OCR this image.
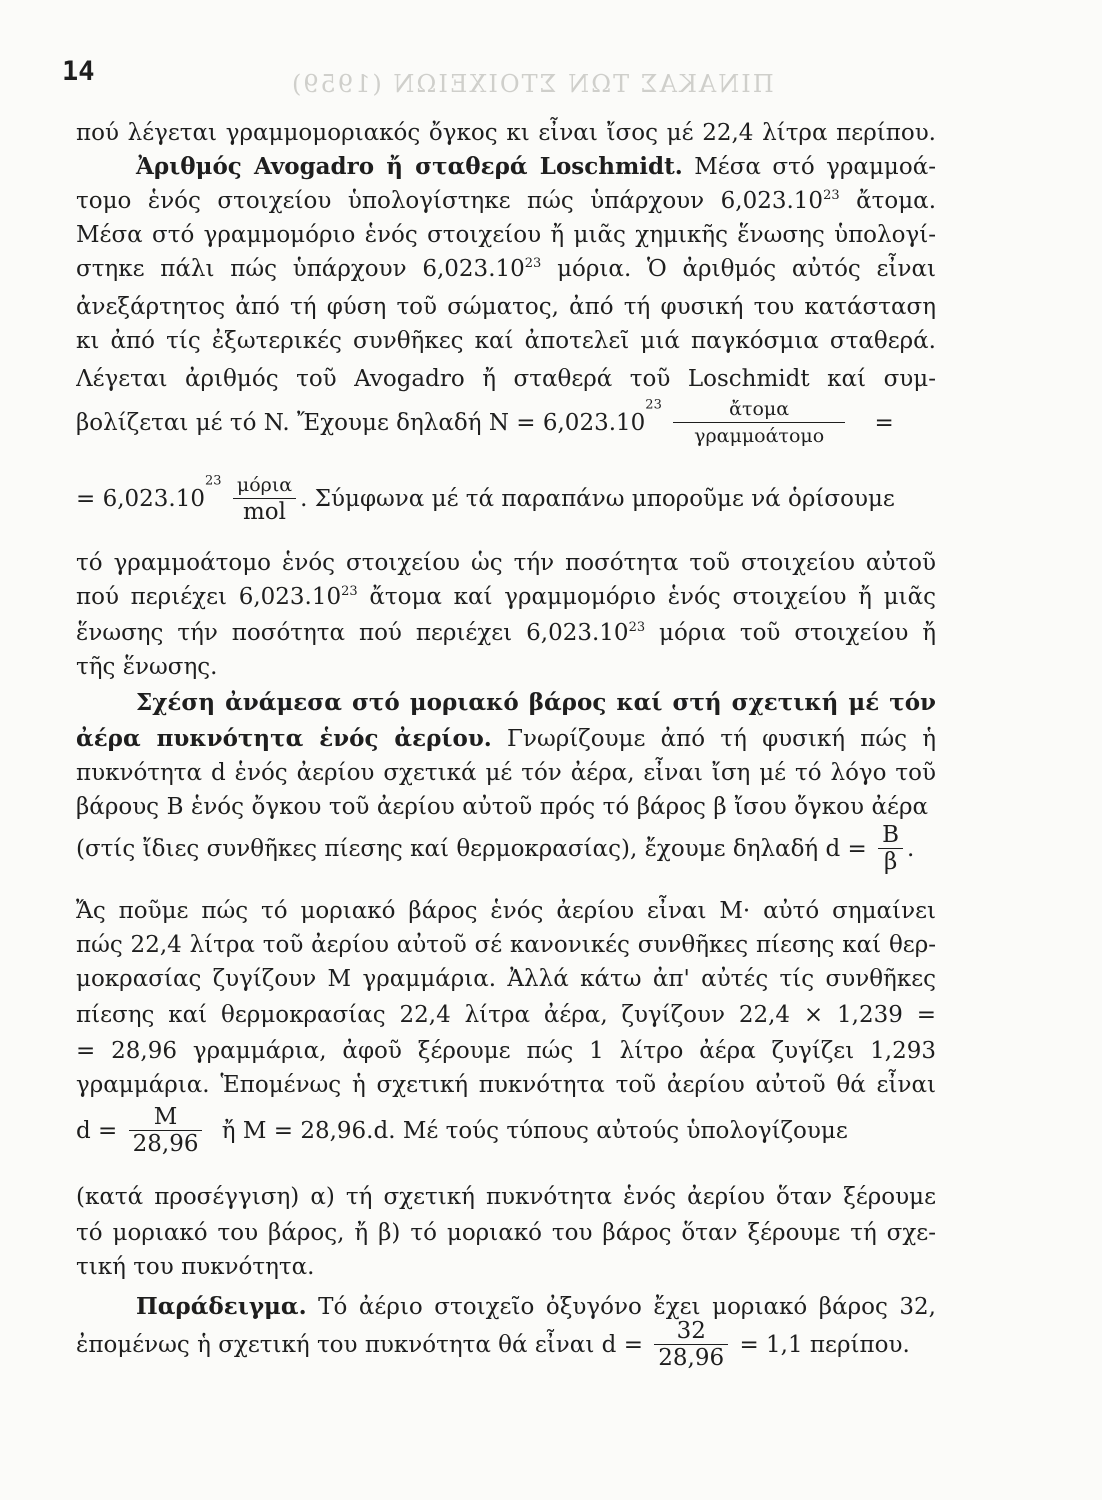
ΠΙΝΑΚΑΣ ΤΩΝ ΣΤΟΙΧΕΙΩΝ (1959)
14
πού λέγεται γραμμομοριακός ὄγκος κι εἶναι ἴσος μέ 22,4 λίτρα περίπου.
Ἀριθμός Avogadro ἤ σταθερά Loschmidt. Μέσα στό γραμμοά-
τομο ἑνός στοιχείου ὑπολογίστηκε πώς ὑπάρχουν 6,023.10$^{23}$ ἄτομα.
Μέσα στό γραμμομόριο ἑνός στοιχείου ἤ μιᾶς χημικῆς ἕνωσης ὑπολογί-
στηκε πάλι πώς ὑπάρχουν 6,023.10$^{23}$ μόρια. Ὁ ἀριθμός αὐτός εἶναι
ἀνεξάρτητος ἀπό τή φύση τοῦ σώματος, ἀπό τή φυσική του κατάσταση
κι ἀπό τίς ἐξωτερικές συνθῆκες καί ἀποτελεῖ μιά παγκόσμια σταθερά.
Λέγεται ἀριθμός τοῦ Avogadro ἤ σταθερά τοῦ Loschmidt καί συμ-
βολίζεται μέ τό N. Ἔχουμε δηλαδή $N = 6,023.10^{23} \frac{\text{ἄτομα}}{\text{γραμμοάτομο}}$ =
= $6,023.10^{23} \frac{\text{μόρια}}{\text{mol}}$ . Σύμφωνα μέ τά παραπάνω μποροῦμε νά ὁρίσουμε
τό γραμμοάτομο ἑνός στοιχείου ὡς τήν ποσότητα τοῦ στοιχείου αὐτοῦ
πού περιέχει 6,023.10$^{23}$ ἄτομα καί γραμμομόριο ἑνός στοιχείου ἤ μιᾶς
ἕνωσης τήν ποσότητα πού περιέχει 6,023.10$^{23}$ μόρια τοῦ στοιχείου ἤ
τῆς ἕνωσης.
Σχέση ἀνάμεσα στό μοριακό βάρος καί στή σχετική μέ τόν
ἀέρα πυκνότητα ἑνός ἀερίου. Γνωρίζουμε ἀπό τή φυσική πώς ἡ
πυκνότητα d ἑνός ἀερίου σχετικά μέ τόν ἀέρα, εἶναι ἴση μέ τό λόγο τοῦ
βάρους B ἑνός ὄγκου τοῦ ἀερίου αὐτοῦ πρός τό βάρος β ἴσου ὄγκου ἀέρα
(στίς ἴδιες συνθῆκες πίεσης καί θερμοκρασίας), ἔχουμε δηλαδή $d = \frac{B}{\beta}$ .
Ἄς ποῦμε πώς τό μοριακό βάρος ἑνός ἀερίου εἶναι M· αὐτό σημαίνει
πώς 22,4 λίτρα τοῦ ἀερίου αὐτοῦ σέ κανονικές συνθῆκες πίεσης καί θερ-
μοκρασίας ζυγίζουν M γραμμάρια. Ἀλλά κάτω ἀπ' αὐτές τίς συνθῆκες
πίεσης καί θερμοκρασίας 22,4 λίτρα ἀέρα, ζυγίζουν 22,4 × 1,239 =
= 28,96 γραμμάρια, ἀφοῦ ξέρουμε πώς 1 λίτρο ἀέρα ζυγίζει 1,293
γραμμάρια. Ἑπομένως ἡ σχετική πυκνότητα τοῦ ἀερίου αὐτοῦ θά εἶναι
$d = \frac{M}{28,96}$ ἤ M = 28,96.d. Μέ τούς τύπους αὐτούς ὑπολογίζουμε
(κατά προσέγγιση) α) τή σχετική πυκνότητα ἑνός ἀερίου ὅταν ξέρουμε
τό μοριακό του βάρος, ἤ β) τό μοριακό του βάρος ὅταν ξέρουμε τή σχε-
τική του πυκνότητα.
Παράδειγμα. Τό ἀέριο στοιχεῖο ὀξυγόνο ἔχει μοριακό βάρος 32,
ἐπομένως ἡ σχετική του πυκνότητα θά εἶναι $d = \frac{32}{28,96} = 1,1$ περίπου.
